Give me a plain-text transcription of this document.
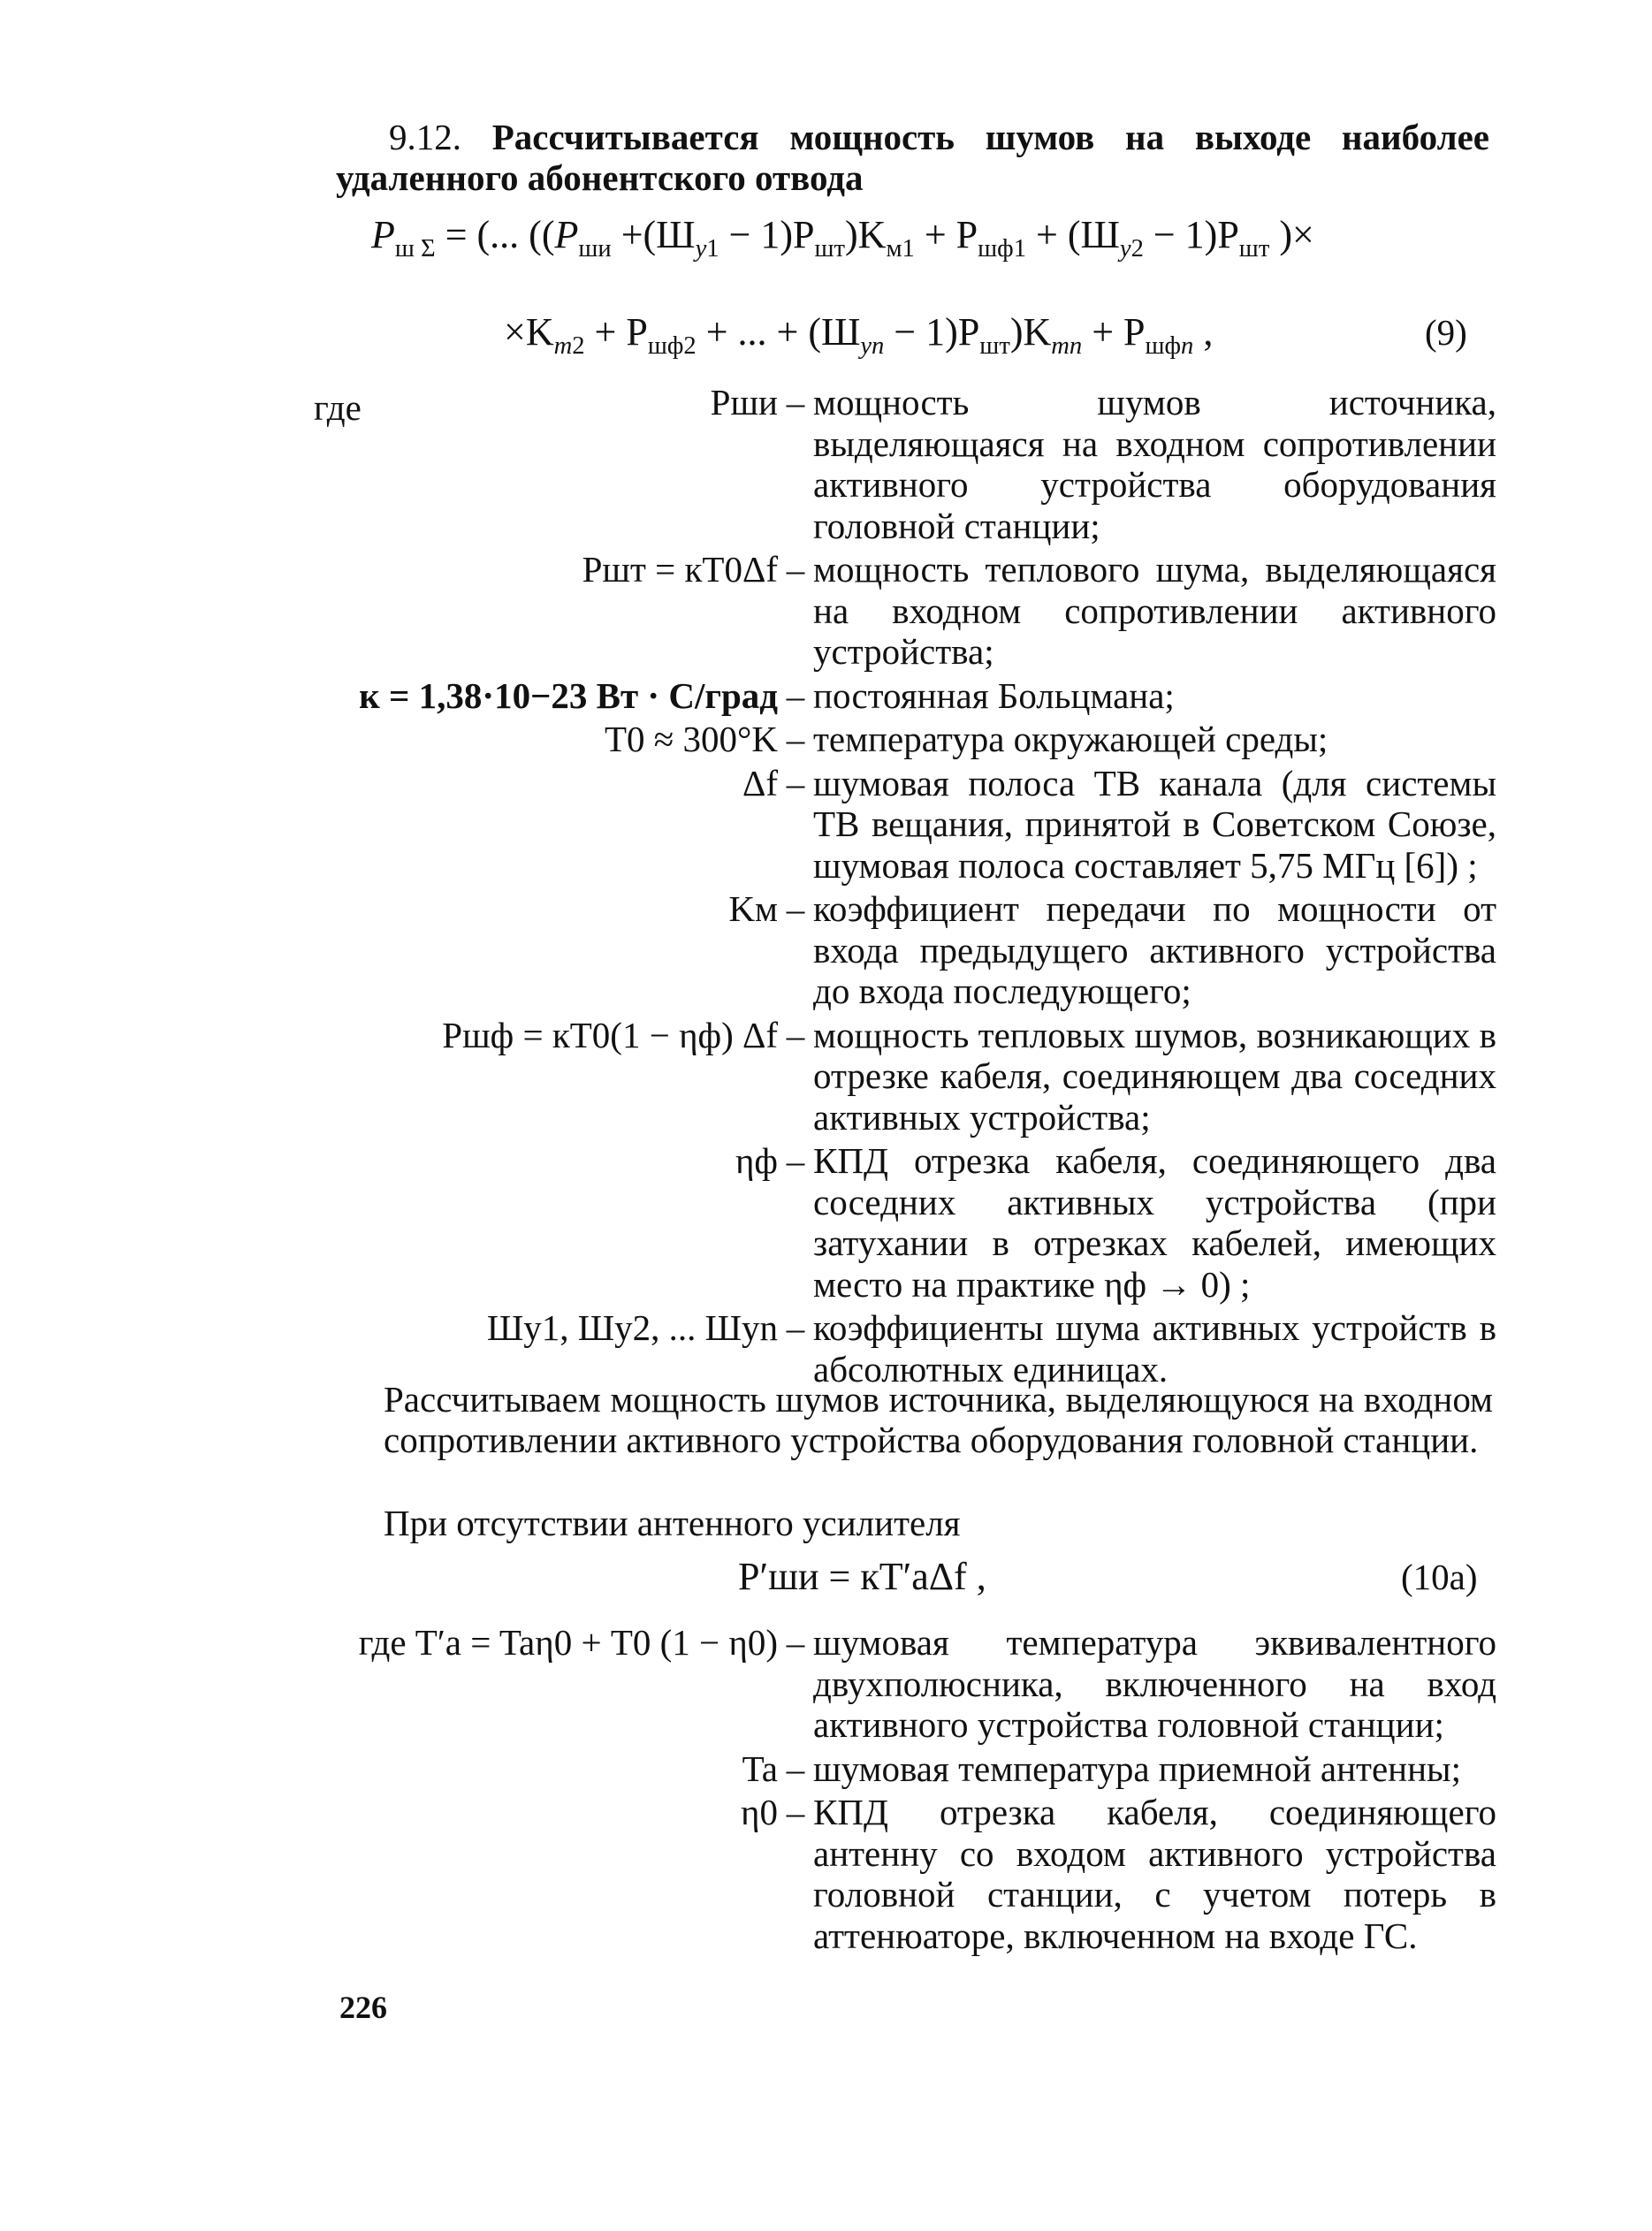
9.12. Рассчитывается мощность шумов на выходе наиболее удаленного абонентского отвода
$P_{ш \Sigma}$ = (... ($(P_{ши} +(Ш_{y1} - 1)P_{шт})K_{м1} + P_{шф1} + (Ш_{y2} - 1)P_{шт}$ )×
$\times K_{m2} + P_{шф2}$ + ... + $(Ш_{yn} - 1)P_{шт})K_{mn} + P_{шфn}$ ,	(9)
где	Pши – мощность шумов источника, выделяющаяся на входном сопротивлении активного устройства оборудования головной станции;
Pшт = кT0Δf – мощность теплового шума, выделяющаяся на входном сопротивлении активного устройства;
к = 1,38·10−23 Вт · С/град – постоянная Больцмана;
T0 ≈ 300°K – температура окружающей среды;
Δf – шумовая полоса ТВ канала (для системы ТВ вещания, принятой в Советском Союзе, шумовая полоса составляет 5,75 МГц [6]) ;
Kм – коэффициент передачи по мощности от входа предыдущего активного устройства до входа последующего;
Pшф = кT0(1 − ηф) Δf – мощность тепловых шумов, возникающих в отрезке кабеля, соединяющем два соседних активных устройства;
ηф – КПД отрезка кабеля, соединяющего два соседних активных устройства (при затухании в отрезках кабелей, имеющих место на практике ηф → 0) ;
Шy1, Шy2, ... Шyn – коэффициенты шума активных устройств в абсолютных единицах.
Рассчитываем мощность шумов источника, выделяющуюся на входном сопротивлении активного устройства оборудования головной станции.
При отсутствии антенного усилителя
P′ши = кT′aΔf ,	(10a)
где T′a = Taη0 + T0 (1 − η0) – шумовая температура эквивалентного двухполюсника, включенного на вход активного устройства головной станции;
Ta – шумовая температура приемной антенны;
η0 – КПД отрезка кабеля, соединяющего антенну со входом активного устройства головной станции, с учетом потерь в аттенюаторе, включенном на входе ГС.
226
